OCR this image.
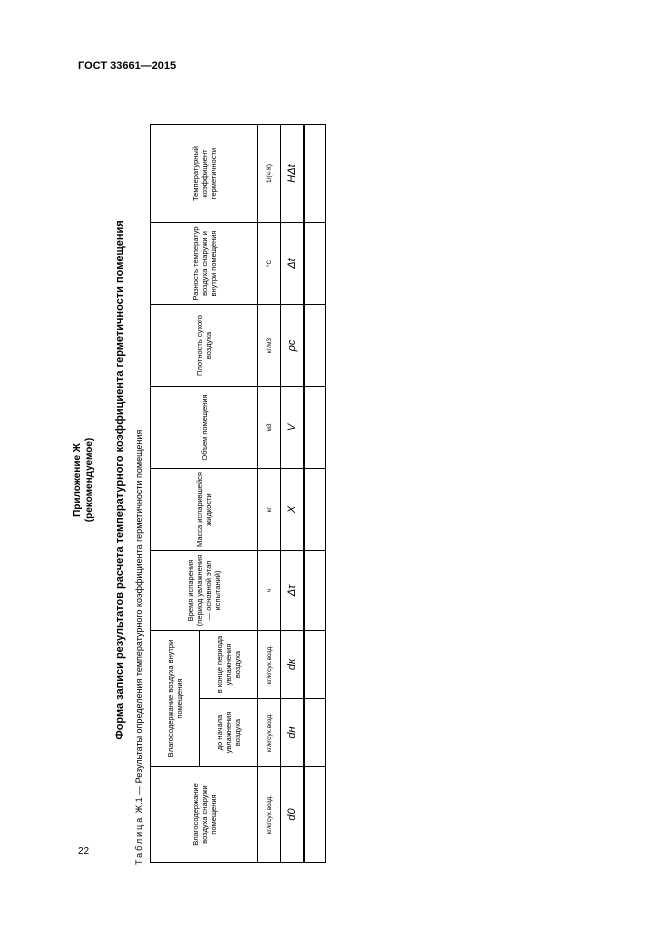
ГОСТ 33661—2015
22
Приложение Ж (рекомендуемое) Форма записи результатов расчета температурного коэффициента герметичности помещения
Таблица Ж.1 — Результаты определения температурного коэффициента герметичности помещения
Влагосодержание воздуха снаружи помещения	Влагосодержание воздуха внутри помещения		Время испарения (период увлажнения — основной этап испытаний)	Масса испарившейся жидкости	Объем помещения	Плотность сухого воздуха	Разность температур воздуха снаружи и внутри помещения	Температурный коэффициент герметичности
	до начала увлажнения воздуха	в конце периода увлажнения воздуха						
кг/кгсух.возд.	кг/кгсух.возд.	кг/кгсух.возд.	ч	кг	м3	кг/м3	°С	1/(ч·К)
d0	dн	dк	Δτ	X	V	ρс	Δt	HΔt
